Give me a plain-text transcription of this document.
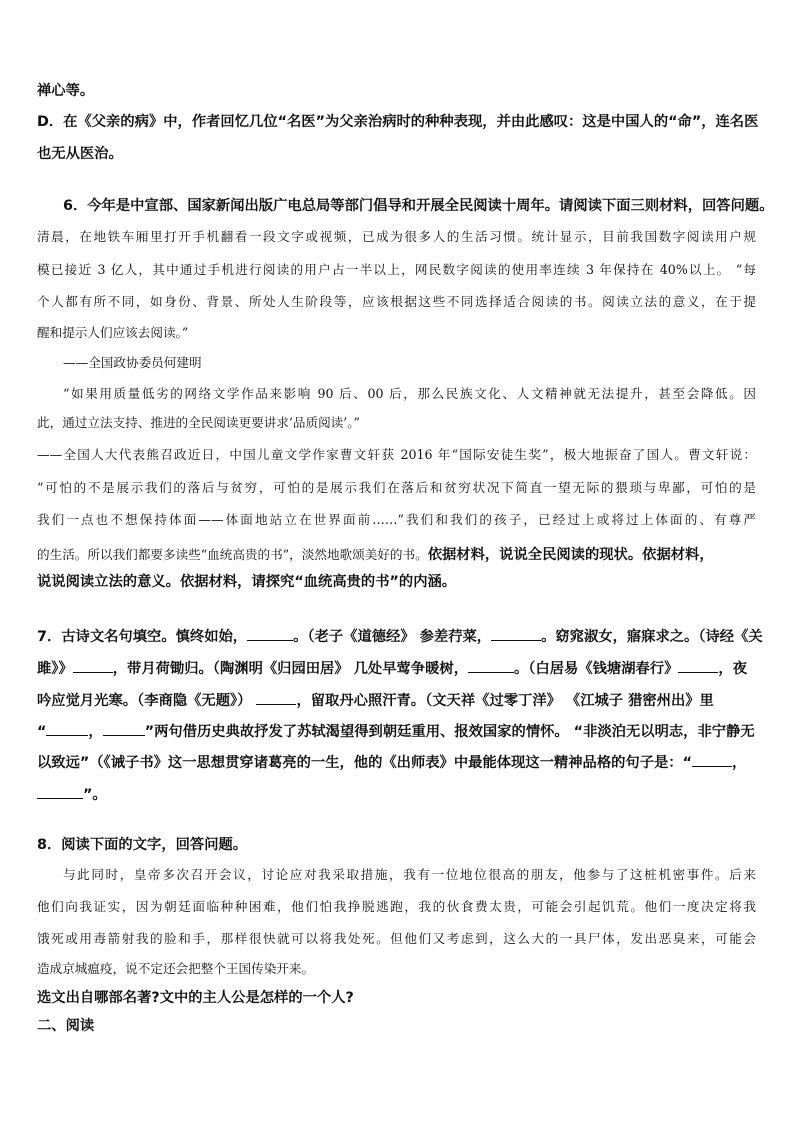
禅心等。
D．在《父亲的病》中，作者回忆几位“名医”为父亲治病时的种种表现，并由此感叹：这是中国人的“命”，连名医
也无从医治。
6．今年是中宣部、国家新闻出版广电总局等部门倡导和开展全民阅读十周年。请阅读下面三则材料，回答问题。
清晨，在地铁车厢里打开手机翻看一段文字或视频，已成为很多人的生活习惯。统计显示，目前我国数字阅读用户规
模已接近 3 亿人，其中通过手机进行阅读的用户占一半以上，网民数字阅读的使用率连续 3 年保持在 40%以上。 “每
个人都有所不同，如身份、背景、所处人生阶段等，应该根据这些不同选择适合阅读的书。阅读立法的意义，在于提
醒和提示人们应该去阅读。”
——全国政协委员何建明
“如果用质量低劣的网络文学作品来影响 90 后、00 后，那么民族文化、人文精神就无法提升，甚至会降低。因
此，通过立法支持、推进的全民阅读更要讲求‘品质阅读’。”
——全国人大代表熊召政近日，中国儿童文学作家曹文轩获 2016 年“国际安徒生奖”，极大地振奋了国人。曹文轩说：
“可怕的不是展示我们的落后与贫穷，可怕的是展示我们在落后和贫穷状况下简直一望无际的猥琐与卑鄙，可怕的是
我们一点也不想保持体面——体面地站立在世界面前……”我们和我们的孩子，已经过上或将过上体面的、有尊严
的生活。所以我们都要多读些“血统高贵的书”，淡然地歌颂美好的书。依据材料，说说全民阅读的现状。依据材料，
说说阅读立法的意义。依据材料，请探究“血统高贵的书”的内涵。
7．古诗文名句填空。慎终如始，	。（老子《道德经》 参差荇菜，	。窈窕淑女，寤寐求之。（诗经《关
雎》》	，带月荷锄归。（陶渊明《归园田居》 几处早莺争暖树，	。（白居易《钱塘湖春行》	，夜
吟应觉月光寒。（李商隐《无题》）	，留取丹心照汗青。（文天祥《过零丁洋》 《江城子 猎密州出》里
“	，	”两句借历史典故抒发了苏轼渴望得到朝廷重用、报效国家的情怀。 “非淡泊无以明志，非宁静无
以致远”（《诫子书》这一思想贯穿诸葛亮的一生，他的《出师表》中最能体现这一精神品格的句子是：“	，
”。
8．阅读下面的文字，回答问题。
与此同时，皇帝多次召开会议，讨论应对我采取措施，我有一位地位很高的朋友，他参与了这桩机密事件。后来
他们向我证实，因为朝廷面临种种困难，他们怕我挣脱逃跑，我的伙食费太贵，可能会引起饥荒。他们一度决定将我
饿死或用毒箭射我的脸和手，那样很快就可以将我处死。但他们又考虑到，这么大的一具尸体，发出恶臭来，可能会
造成京城瘟疫，说不定还会把整个王国传染开来。
选文出自哪部名著?文中的主人公是怎样的一个人?
二、阅读
